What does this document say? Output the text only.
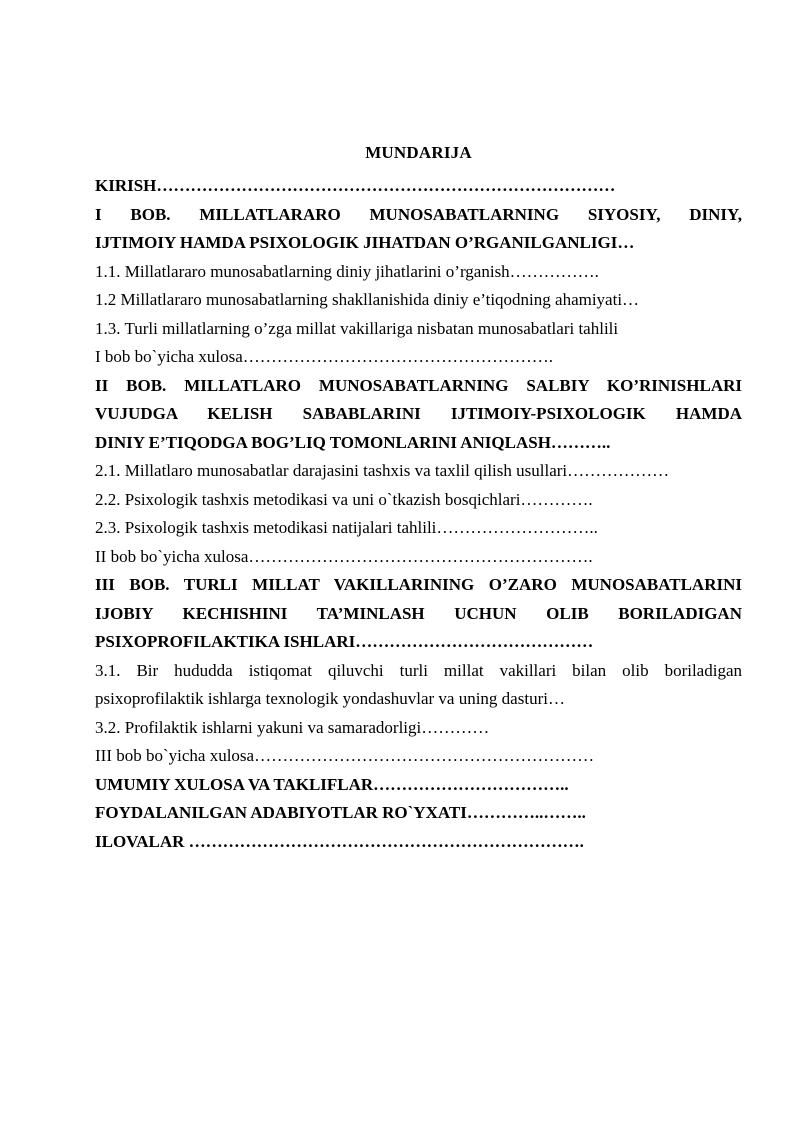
MUNDARIJA

KIRISH………………………………………………………………………

I BOB. MILLATLARARO MUNOSABATLARNING SIYOSIY, DINIY,

IJTIMOIY HAMDA PSIXOLOGIK JIHATDAN O’RGANILGANLIGI…

1.1. Millatlararo munosabatlarning diniy jihatlarini o’rganish…………….

1.2 Millatlararo munosabatlarning shakllanishida diniy e’tiqodning ahamiyati…

1.3. Turli millatlarning o’zga millat vakillariga nisbatan munosabatlari tahlili

I bob bo`yicha xulosa……………………………………………….

II BOB. MILLATLARO MUNOSABATLARNING SALBIY KO’RINISHLARI

VUJUDGA KELISH SABABLARINI IJTIMOIY-PSIXOLOGIK HAMDA

DINIY E’TIQODGA BOG’LIQ TOMONLARINI ANIQLASH………..

2.1. Millatlaro munosabatlar darajasini tashxis va taxlil qilish usullari………………

2.2. Psixologik tashxis metodikasi va uni o`tkazish bosqichlari………….

2.3. Psixologik tashxis metodikasi natijalari tahlili………………………..

II bob bo`yicha xulosa…………………………………………………….

III BOB. TURLI MILLAT VAKILLARINING O’ZARO MUNOSABATLARINI

IJOBIY KECHISHINI TA’MINLASH UCHUN OLIB BORILADIGAN

PSIXOPROFILAKTIKA ISHLARI……………………………………

3.1. Bir hududda istiqomat qiluvchi turli millat vakillari bilan olib boriladigan

psixoprofilaktik ishlarga texnologik yondashuvlar va uning dasturi…

3.2. Profilaktik ishlarni yakuni va samaradorligi…………

III bob bo`yicha xulosa……………………………………………………

UMUMIY XULOSA VA TAKLIFLAR……………………………..

FOYDALANILGAN ADABIYOTLAR RO`YXATI…………..……..

ILOVALAR …………………………………………………………….
